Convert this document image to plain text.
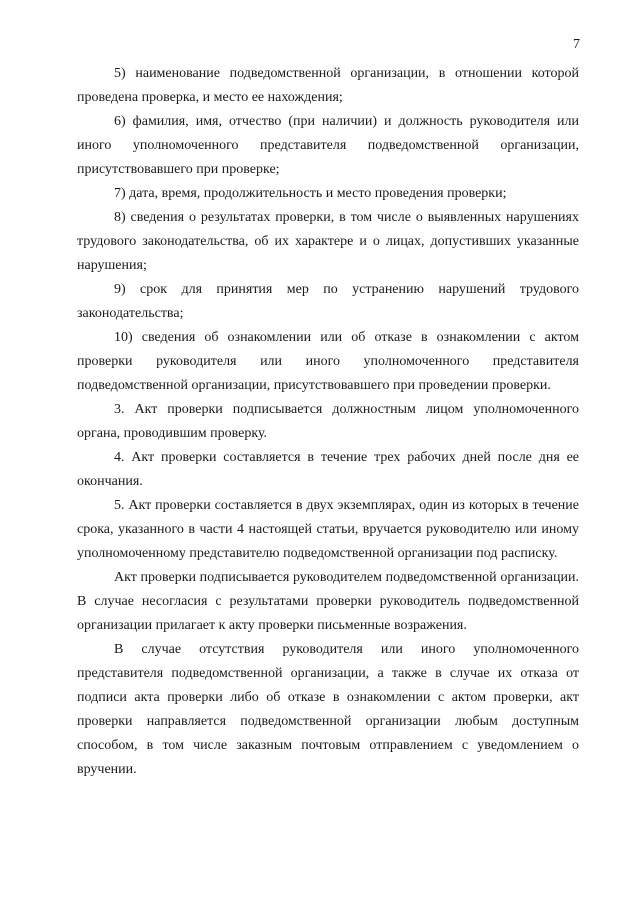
7

5) наименование подведомственной организации, в отношении которой проведена проверка, и место ее нахождения;

6) фамилия, имя, отчество (при наличии) и должность руководителя или иного уполномоченного представителя подведомственной организации, присутствовавшего при проверке;

7) дата, время, продолжительность и место проведения проверки;

8) сведения о результатах проверки, в том числе о выявленных нарушениях трудового законодательства, об их характере и о лицах, допустивших указанные нарушения;

9) срок для принятия мер по устранению нарушений трудового законодательства;

10) сведения об ознакомлении или об отказе в ознакомлении с актом проверки руководителя или иного уполномоченного представителя подведомственной организации, присутствовавшего при проведении проверки.

3. Акт проверки подписывается должностным лицом уполномоченного органа, проводившим проверку.

4. Акт проверки составляется в течение трех рабочих дней после дня ее окончания.

5. Акт проверки составляется в двух экземплярах, один из которых в течение срока, указанного в части 4 настоящей статьи, вручается руководителю или иному уполномоченному представителю подведомственной организации под расписку.

Акт проверки подписывается руководителем подведомственной организации. В случае несогласия с результатами проверки руководитель подведомственной организации прилагает к акту проверки письменные возражения.

В случае отсутствия руководителя или иного уполномоченного представителя подведомственной организации, а также в случае их отказа от подписи акта проверки либо об отказе в ознакомлении с актом проверки, акт проверки направляется подведомственной организации любым доступным способом, в том числе заказным почтовым отправлением с уведомлением о вручении.
